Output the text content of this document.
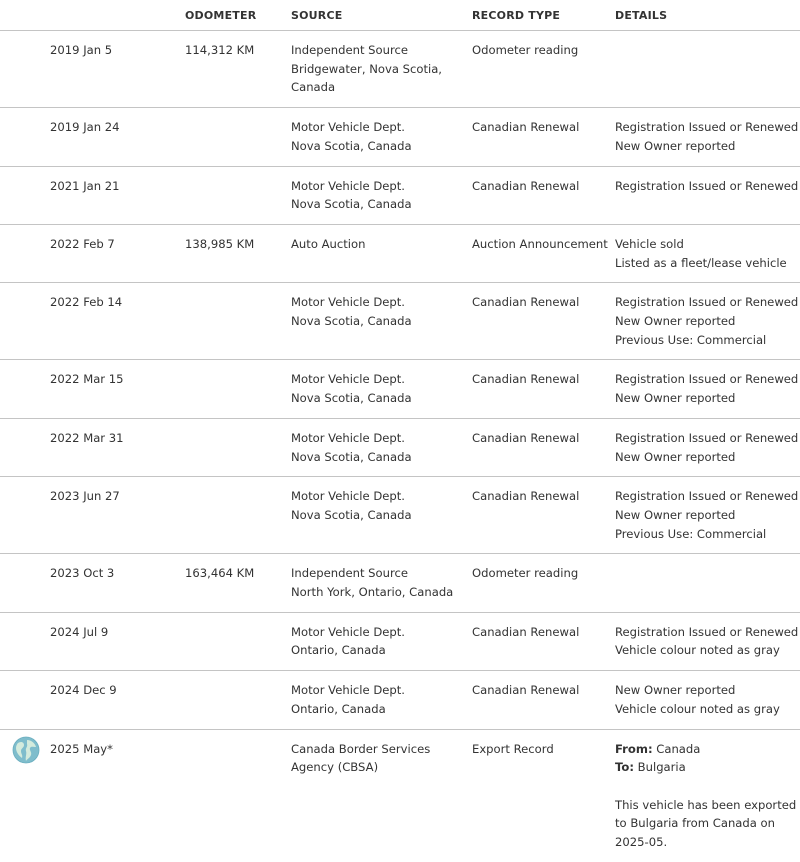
		ODOMETER	SOURCE	RECORD TYPE	DETAILS
	2019 Jan 5	114,312 KM	Independent Source
Bridgewater, Nova Scotia,
Canada	Odometer reading	
	2019 Jan 24		Motor Vehicle Dept.
Nova Scotia, Canada	Canadian Renewal	Registration Issued or Renewed
New Owner reported

	2021 Jan 21		Motor Vehicle Dept.
Nova Scotia, Canada	Canadian Renewal	Registration Issued or Renewed

	2022 Feb 7	138,985 KM	Auto Auction	Auction Announcement	Vehicle sold
Listed as a fleet/lease vehicle

	2022 Feb 14		Motor Vehicle Dept.
Nova Scotia, Canada	Canadian Renewal	Registration Issued or Renewed
New Owner reported
Previous Use: Commercial

	2022 Mar 15		Motor Vehicle Dept.
Nova Scotia, Canada	Canadian Renewal	Registration Issued or Renewed
New Owner reported

	2022 Mar 31		Motor Vehicle Dept.
Nova Scotia, Canada	Canadian Renewal	Registration Issued or Renewed
New Owner reported

	2023 Jun 27		Motor Vehicle Dept.
Nova Scotia, Canada	Canadian Renewal	Registration Issued or Renewed
New Owner reported
Previous Use: Commercial

	2023 Oct 3	163,464 KM	Independent Source
North York, Ontario, Canada	Odometer reading	
	2024 Jul 9		Motor Vehicle Dept.
Ontario, Canada	Canadian Renewal	Registration Issued or Renewed
Vehicle colour noted as gray

	2024 Dec 9		Motor Vehicle Dept.
Ontario, Canada	Canadian Renewal	New Owner reported
Vehicle colour noted as gray

	2025 May*		Canada Border Services
Agency (CBSA)	Export Record	From: Canada
To: Bulgaria
This vehicle has been exported
to Bulgaria from Canada on
2025-05.
